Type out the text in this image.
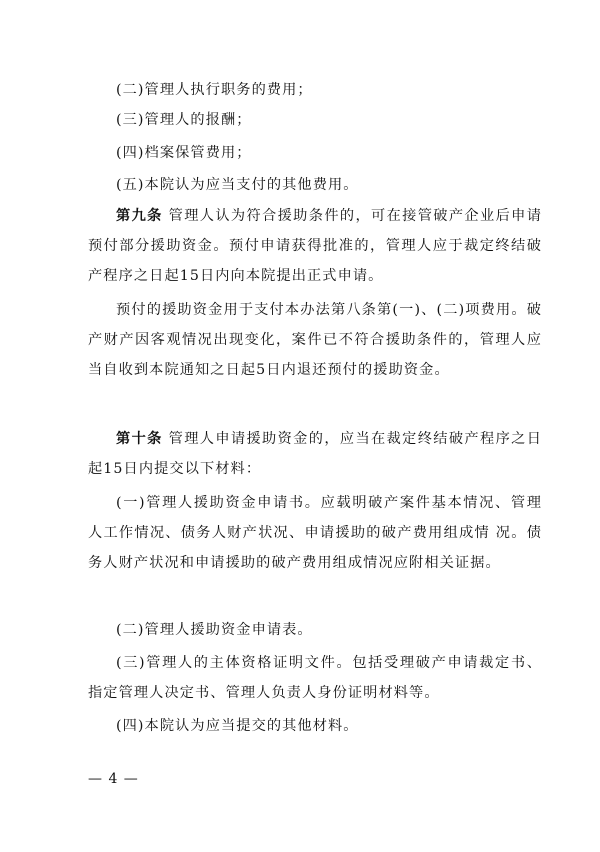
(二)管理人执行职务的费用；

(三)管理人的报酬；

(四)档案保管费用；

(五)本院认为应当支付的其他费用。

第九条 管理人认为符合援助条件的，可在接管破产企业后申请预付部分援助资金。预付申请获得批准的，管理人应于裁定终结破产程序之日起15日内向本院提出正式申请。

预付的援助资金用于支付本办法第八条第(一)、(二)项费用。破产财产因客观情况出现变化，案件已不符合援助条件的，管理人应当自收到本院通知之日起5日内退还预付的援助资金。

第十条 管理人申请援助资金的，应当在裁定终结破产程序之日起15日内提交以下材料：

(一)管理人援助资金申请书。应载明破产案件基本情况、管理人工作情况、债务人财产状况、申请援助的破产费用组成情 况。债务人财产状况和申请援助的破产费用组成情况应附相关证据。

(二)管理人援助资金申请表。

(三)管理人的主体资格证明文件。包括受理破产申请裁定书、指定管理人决定书、管理人负责人身份证明材料等。

(四)本院认为应当提交的其他材料。

— 4 —
